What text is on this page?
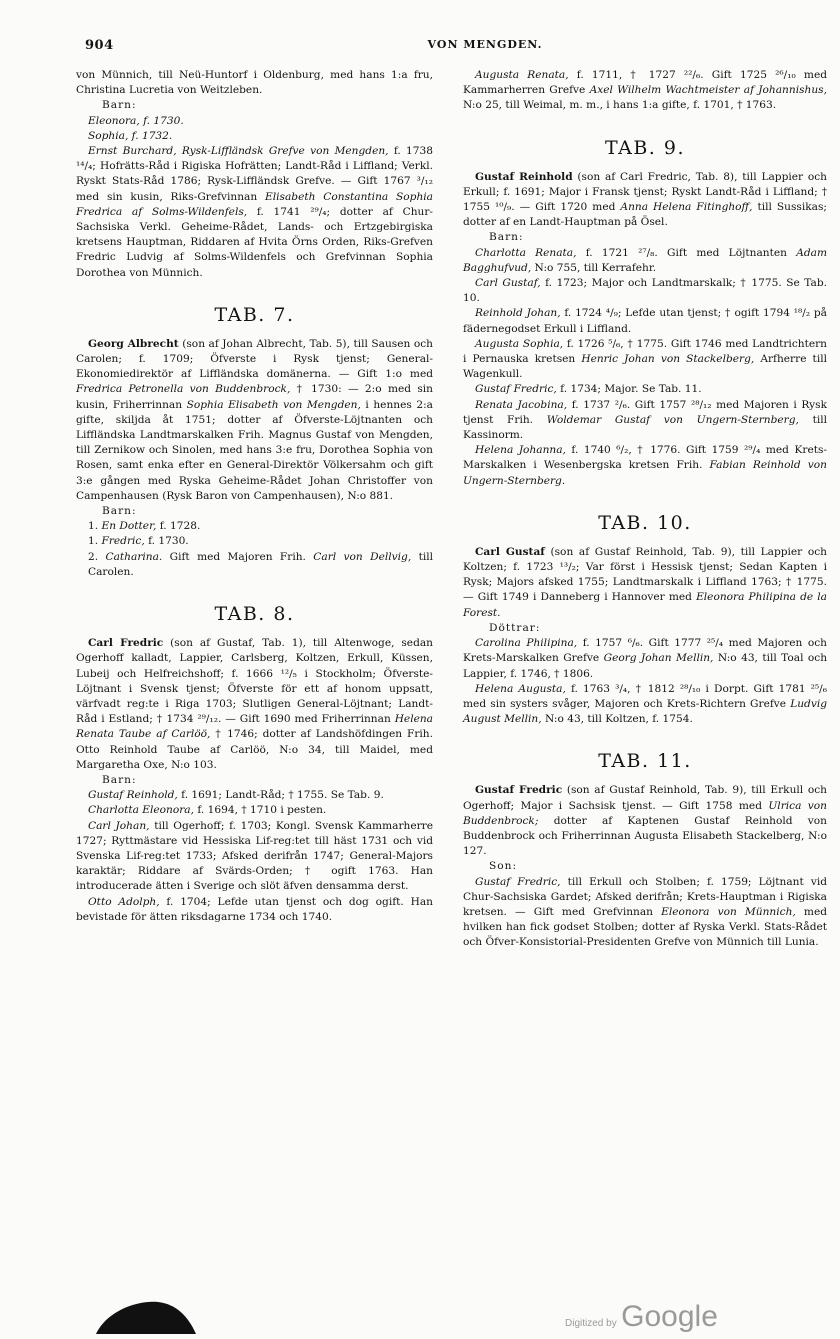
904	VON MENGDEN.

von Münnich, till Neü-Huntorf i Oldenburg, med hans 1:a fru, Christina Lucretia von Weitzleben.

Barn:

Eleonora, f. 1730.

Sophia, f. 1732.

Ernst Burchard, Rysk-Liffländsk Grefve von Mengden, f. 1738 ¹⁴/₄; Hofrätts-Råd i Rigiska Hofrätten; Landt-Råd i Liffland; Verkl. Ryskt Stats-Råd 1786; Rysk-Liffländsk Grefve. — Gift 1767 ³/₁₂ med sin kusin, Riks-Grefvinnan Elisabeth Constantina Sophia Fredrica af Solms-Wildenfels, f. 1741 ²⁹/₄; dotter af Chur-Sachsiska Verkl. Geheime-Rådet, Lands- och Ertzgebirgiska kretsens Hauptman, Riddaren af Hvita Örns Orden, Riks-Grefven Fredric Ludvig af Solms-Wildenfels och Grefvinnan Sophia Dorothea von Münnich.

TAB. 7.

Georg Albrecht (son af Johan Albrecht, Tab. 5), till Sausen och Carolen; f. 1709; Öfverste i Rysk tjenst; General-Ekonomiedirektör af Liffländska domänerna. — Gift 1:o med Fredrica Petronella von Buddenbrock, † 1730: — 2:o med sin kusin, Friherrinnan Sophia Elisabeth von Mengden, i hennes 2:a gifte, skiljda åt 1751; dotter af Öfverste-Löjtnanten och Liffländska Landtmarskalken Frih. Magnus Gustaf von Mengden, till Zernikow och Sinolen, med hans 3:e fru, Dorothea Sophia von Rosen, samt enka efter en General-Direktör Völkersahm och gift 3:e gången med Ryska Geheime-Rådet Johan Christoffer von Campenhausen (Rysk Baron von Campenhausen), N:o 881.

Barn:

1. En Dotter, f. 1728.

1. Fredric, f. 1730.

2. Catharina. Gift med Majoren Frih. Carl von Dellvig, till Carolen.

TAB. 8.

Carl Fredric (son af Gustaf, Tab. 1), till Altenwoge, sedan Ogerhoff kalladt, Lappier, Carlsberg, Koltzen, Erkull, Küssen, Lubeij och Helfreichshoff; f. 1666 ¹²/₅ i Stockholm; Öfverste-Löjtnant i Svensk tjenst; Öfverste för ett af honom uppsatt, värfvadt reg:te i Riga 1703; Slutligen General-Löjtnant; Landt-Råd i Estland; † 1734 ²⁹/₁₂. — Gift 1690 med Friherrinnan Helena Renata Taube af Carlöö, † 1746; dotter af Landshöfdingen Frih. Otto Reinhold Taube af Carlöö, N:o 34, till Maidel, med Margaretha Oxe, N:o 103.

Barn:

Gustaf Reinhold, f. 1691; Landt-Råd; † 1755. Se Tab. 9.

Charlotta Eleonora, f. 1694, † 1710 i pesten.

Carl Johan, till Ogerhoff; f. 1703; Kongl. Svensk Kammarherre 1727; Ryttmästare vid Hessiska Lif-reg:tet till häst 1731 och vid Svenska Lif-reg:tet 1733; Afsked derifrån 1747; General-Majors karaktär; Riddare af Svärds-Orden; † ogift 1763. Han introducerade ätten i Sverige och slöt äfven densamma derst.

Otto Adolph, f. 1704; Lefde utan tjenst och dog ogift. Han bevistade för ätten riksdagarne 1734 och 1740.

Augusta Renata, f. 1711, † 1727 ²²/₆. Gift 1725 ²⁶/₁₀ med Kammarherren Grefve Axel Wilhelm Wachtmeister af Johannishus, N:o 25, till Weimal, m. m., i hans 1:a gifte, f. 1701, † 1763.

TAB. 9.

Gustaf Reinhold (son af Carl Fredric, Tab. 8), till Lappier och Erkull; f. 1691; Major i Fransk tjenst; Ryskt Landt-Råd i Liffland; † 1755 ¹⁰/₉. — Gift 1720 med Anna Helena Fitinghoff, till Sussikas; dotter af en Landt-Hauptman på Ösel.

Barn:

Charlotta Renata, f. 1721 ²⁷/₈. Gift med Löjtnanten Adam Bagghufvud, N:o 755, till Kerrafehr.

Carl Gustaf, f. 1723; Major och Landtmarskalk; † 1775. Se Tab. 10.

Reinhold Johan, f. 1724 ⁴/₉; Lefde utan tjenst; † ogift 1794 ¹⁸/₂ på fädernegodset Erkull i Liffland.

Augusta Sophia, f. 1726 ⁵/₆, † 1775. Gift 1746 med Landtrichtern i Pernauska kretsen Henric Johan von Stackelberg, Arfherre till Wagenkull.

Gustaf Fredric, f. 1734; Major. Se Tab. 11.

Renata Jacobina, f. 1737 ²/₆. Gift 1757 ²⁸/₁₂ med Majoren i Rysk tjenst Frih. Woldemar Gustaf von Ungern-Sternberg, till Kassinorm.

Helena Johanna, f. 1740 ⁶/₂, † 1776. Gift 1759 ²⁹/₄ med Krets-Marskalken i Wesenbergska kretsen Frih. Fabian Reinhold von Ungern-Sternberg.

TAB. 10.

Carl Gustaf (son af Gustaf Reinhold, Tab. 9), till Lappier och Koltzen; f. 1723 ¹³/₂; Var först i Hessisk tjenst; Sedan Kapten i Rysk; Majors afsked 1755; Landtmarskalk i Liffland 1763; † 1775. — Gift 1749 i Danneberg i Hannover med Eleonora Philipina de la Forest.

Döttrar:

Carolina Philipina, f. 1757 ⁶/₆. Gift 1777 ²⁵/₄ med Majoren och Krets-Marskalken Grefve Georg Johan Mellin, N:o 43, till Toal och Lappier, f. 1746, † 1806.

Helena Augusta, f. 1763 ³/₄, † 1812 ²⁸/₁₀ i Dorpt. Gift 1781 ²⁵/₆ med sin systers svåger, Majoren och Krets-Richtern Grefve Ludvig August Mellin, N:o 43, till Koltzen, f. 1754.

TAB. 11.

Gustaf Fredric (son af Gustaf Reinhold, Tab. 9), till Erkull och Ogerhoff; Major i Sachsisk tjenst. — Gift 1758 med Ulrica von Buddenbrock; dotter af Kaptenen Gustaf Reinhold von Buddenbrock och Friherrinnan Augusta Elisabeth Stackelberg, N:o 127.

Son:

Gustaf Fredric, till Erkull och Stolben; f. 1759; Löjtnant vid Chur-Sachsiska Gardet; Afsked derifrån; Krets-Hauptman i Rigiska kretsen. — Gift med Grefvinnan Eleonora von Münnich, med hvilken han fick godset Stolben; dotter af Ryska Verkl. Stats-Rådet och Öfver-Konsistorial-Presidenten Grefve von Münnich till Lunia.

Digitized by Google
